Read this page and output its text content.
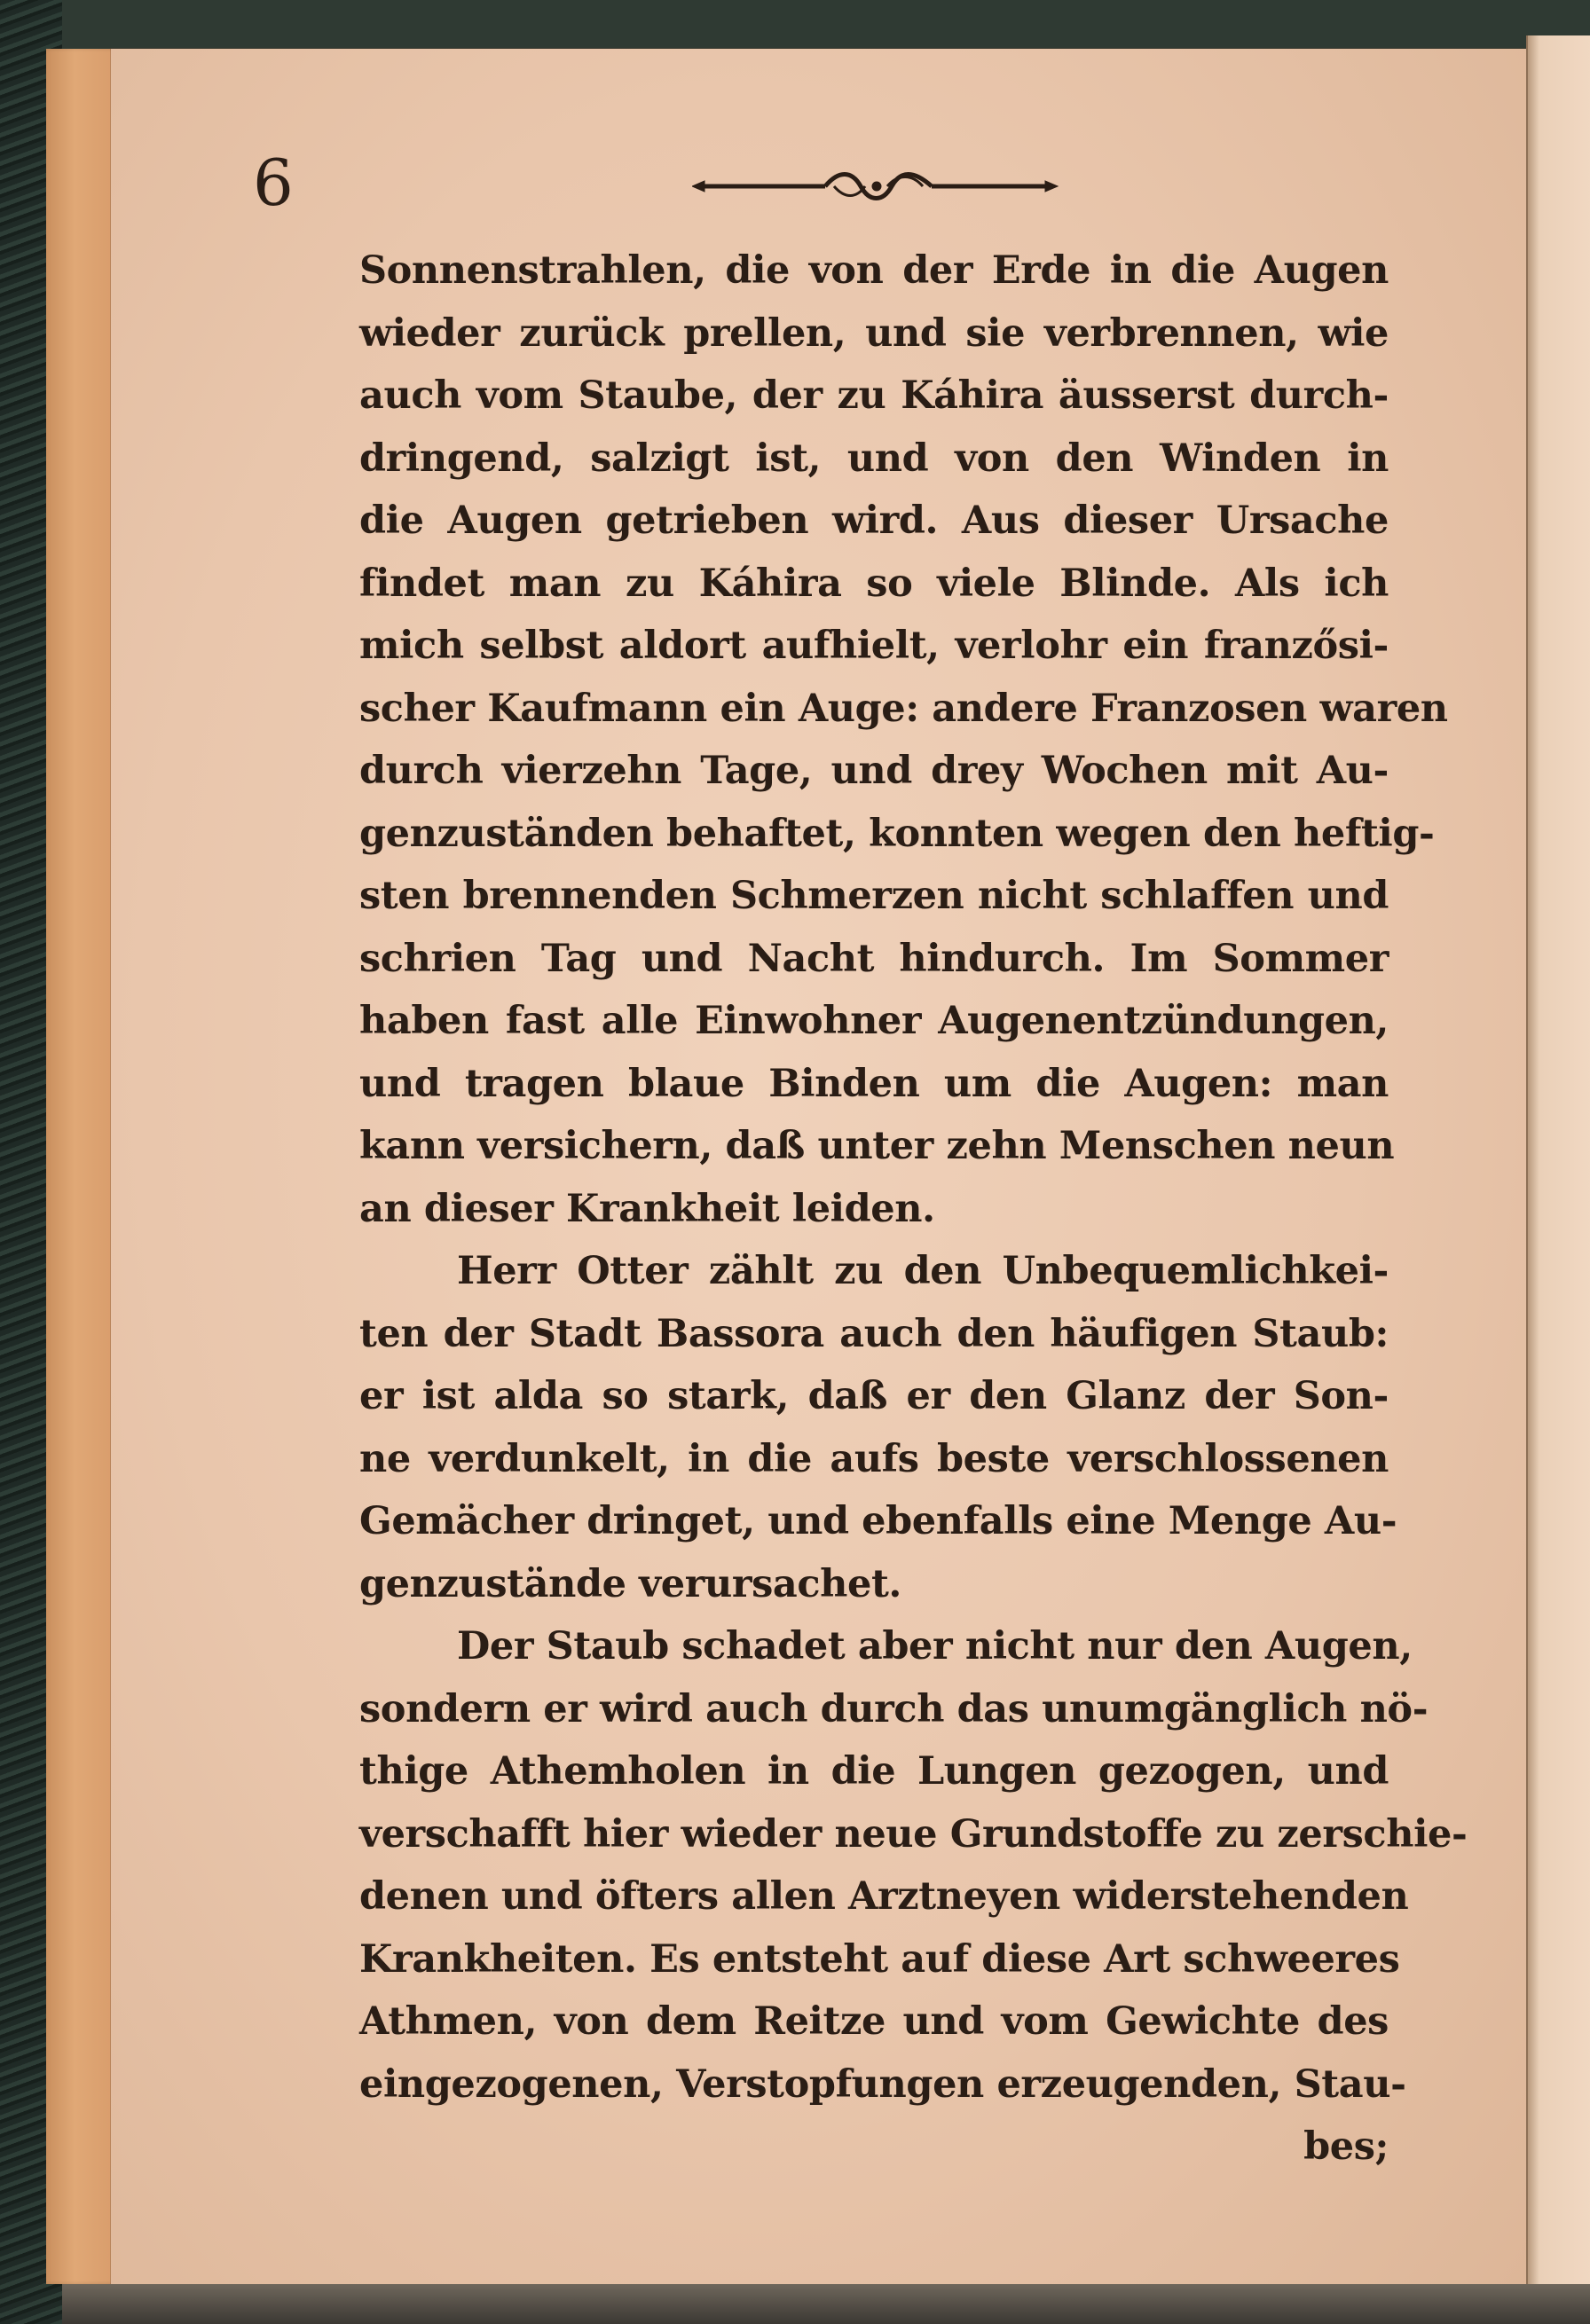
6
Sonnenstrahlen, die von der Erde in die Augen
wieder zurück prellen, und sie verbrennen, wie
auch vom Staube, der zu Káhira äusserst durch-
dringend, salzigt ist, und von den Winden in
die Augen getrieben wird. Aus dieser Ursache
findet man zu Káhira so viele Blinde. Als ich
mich selbst aldort aufhielt, verlohr ein franzősi-
scher Kaufmann ein Auge: andere Franzosen waren
durch vierzehn Tage, und drey Wochen mit Au-
genzuständen behaftet, konnten wegen den heftig-
sten brennenden Schmerzen nicht schlaffen und
schrien Tag und Nacht hindurch. Im Sommer
haben fast alle Einwohner Augenentzündungen,
und tragen blaue Binden um die Augen: man
kann versichern, daß unter zehn Menschen neun
an dieser Krankheit leiden.
Herr Otter zählt zu den Unbequemlichkei-
ten der Stadt Bassora auch den häufigen Staub:
er ist alda so stark, daß er den Glanz der Son-
ne verdunkelt, in die aufs beste verschlossenen
Gemächer dringet, und ebenfalls eine Menge Au-
genzustände verursachet.
Der Staub schadet aber nicht nur den Augen,
sondern er wird auch durch das unumgänglich nö-
thige Athemholen in die Lungen gezogen, und
verschafft hier wieder neue Grundstoffe zu zerschie-
denen und öfters allen Arztneyen widerstehenden
Krankheiten. Es entsteht auf diese Art schweeres
Athmen, von dem Reitze und vom Gewichte des
eingezogenen, Verstopfungen erzeugenden, Stau-
bes;
